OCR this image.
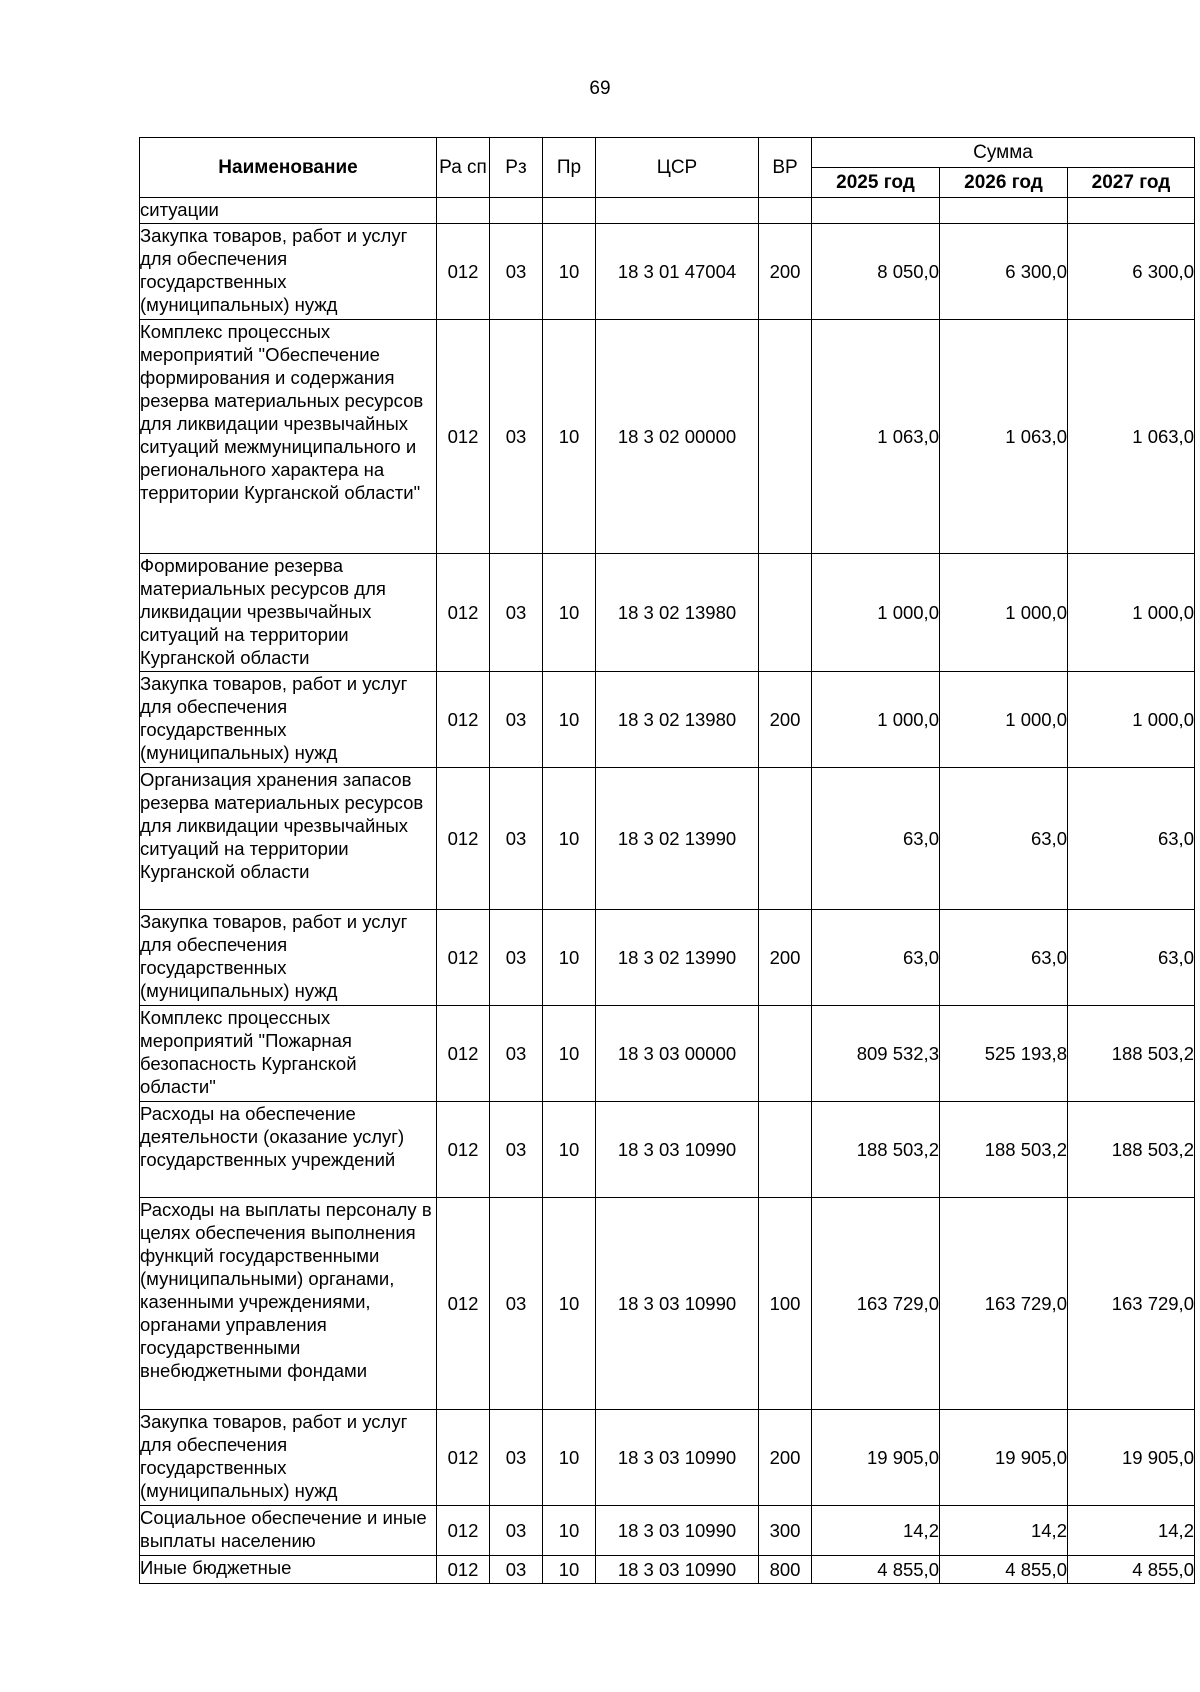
69
Наименование	Ра сп	Рз	Пр	ЦСР	ВР	Сумма		
						2025 год	2026 год	2027 год
ситуации								
Закупка товаров, работ и услуг для обеспечения государственных (муниципальных) нужд	012	03	10	18 3 01 47004	200	8 050,0	6 300,0	6 300,0
Комплекс процессных мероприятий "Обеспечение формирования и содержания резерва материальных ресурсов для ликвидации чрезвычайных ситуаций межмуниципального и регионального характера на территории Курганской области"	012	03	10	18 3 02 00000		1 063,0	1 063,0	1 063,0
Формирование резерва материальных ресурсов для ликвидации чрезвычайных ситуаций на территории Курганской области	012	03	10	18 3 02 13980		1 000,0	1 000,0	1 000,0
Закупка товаров, работ и услуг для обеспечения государственных (муниципальных) нужд	012	03	10	18 3 02 13980	200	1 000,0	1 000,0	1 000,0
Организация хранения запасов резерва материальных ресурсов для ликвидации чрезвычайных ситуаций на территории Курганской области	012	03	10	18 3 02 13990		63,0	63,0	63,0
Закупка товаров, работ и услуг для обеспечения государственных (муниципальных) нужд	012	03	10	18 3 02 13990	200	63,0	63,0	63,0
Комплекс процессных мероприятий "Пожарная безопасность Курганской области"	012	03	10	18 3 03 00000		809 532,3	525 193,8	188 503,2
Расходы на обеспечение деятельности (оказание услуг) государственных учреждений	012	03	10	18 3 03 10990		188 503,2	188 503,2	188 503,2
Расходы на выплаты персоналу в целях обеспечения выполнения функций государственными (муниципальными) органами, казенными учреждениями, органами управления государственными внебюджетными фондами	012	03	10	18 3 03 10990	100	163 729,0	163 729,0	163 729,0
Закупка товаров, работ и услуг для обеспечения государственных (муниципальных) нужд	012	03	10	18 3 03 10990	200	19 905,0	19 905,0	19 905,0
Социальное обеспечение и иные выплаты населению	012	03	10	18 3 03 10990	300	14,2	14,2	14,2
Иные бюджетные	012	03	10	18 3 03 10990	800	4 855,0	4 855,0	4 855,0
